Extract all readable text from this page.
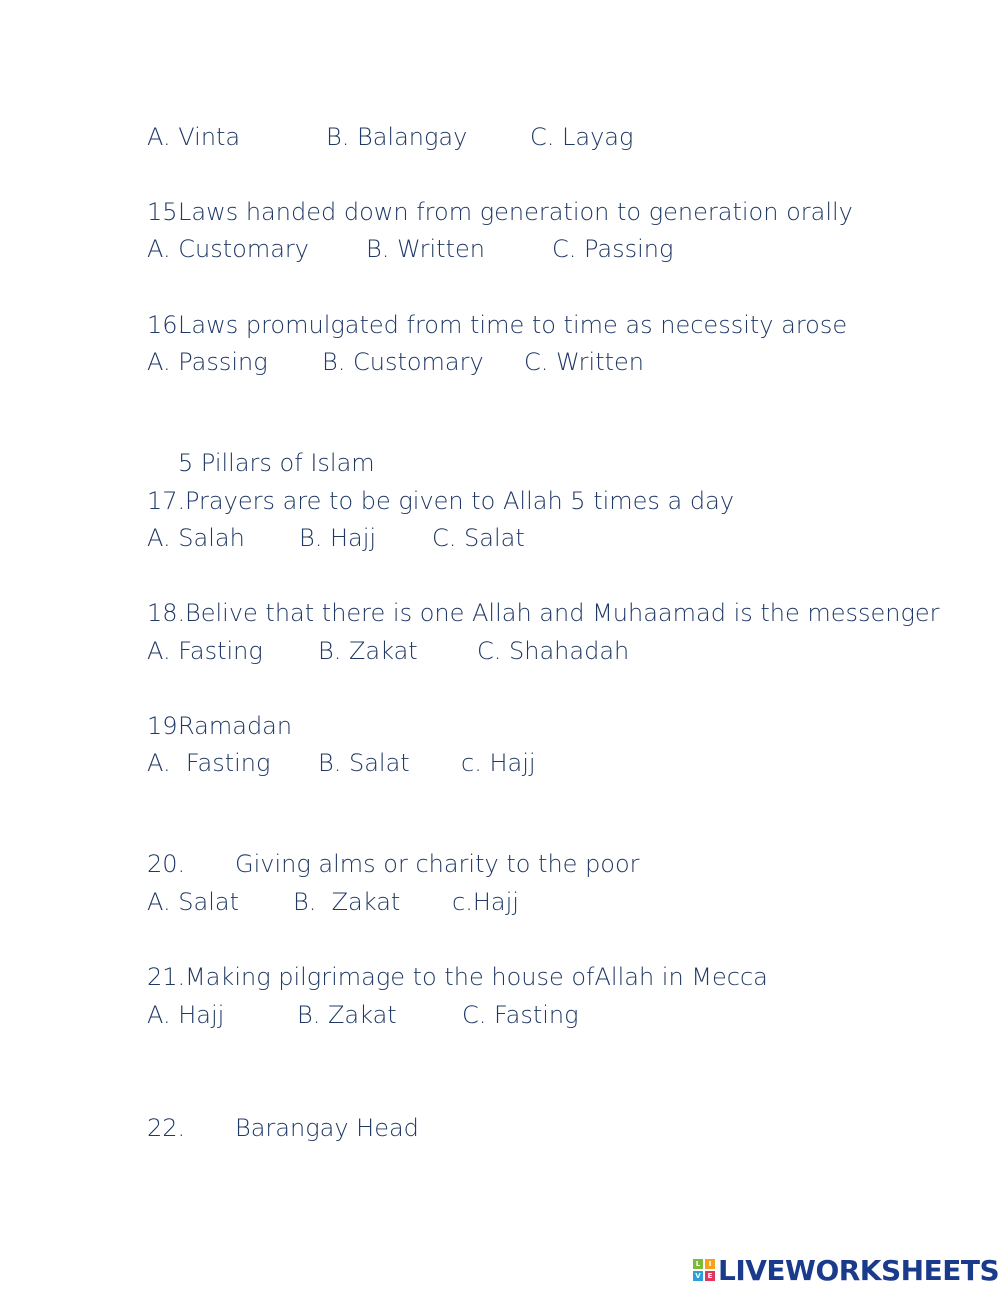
A. Vinta

	B. Balangay

	C. Layag

15.

Laws handed down from generation to generation orally

A. Customary

B. Written

	C. Passing

16.

Laws promulgated from time to time as necessity arose

A. Passing

B. Customary

C. Written

5 Pillars of Islam

17.

Prayers are to be given to Allah 5 times a day

A. Salah

B. Hajj

C. Salat

18.

Belive that there is one Allah and Muhaamad is the messenger

A. Fasting

B. Zakat

C. Shahadah

19.

Ramadan

A.  Fasting

B. Salat

c. Hajj

20.

Giving alms or charity to the poor

A. Salat

B.  Zakat

c.Hajj

21.

Making pilgrimage to the house ofAllah in Mecca

A. Hajj

	B. Zakat

	C. Fasting

22.

Barangay Head

L	I
V E LIVEWORKSHEETS
